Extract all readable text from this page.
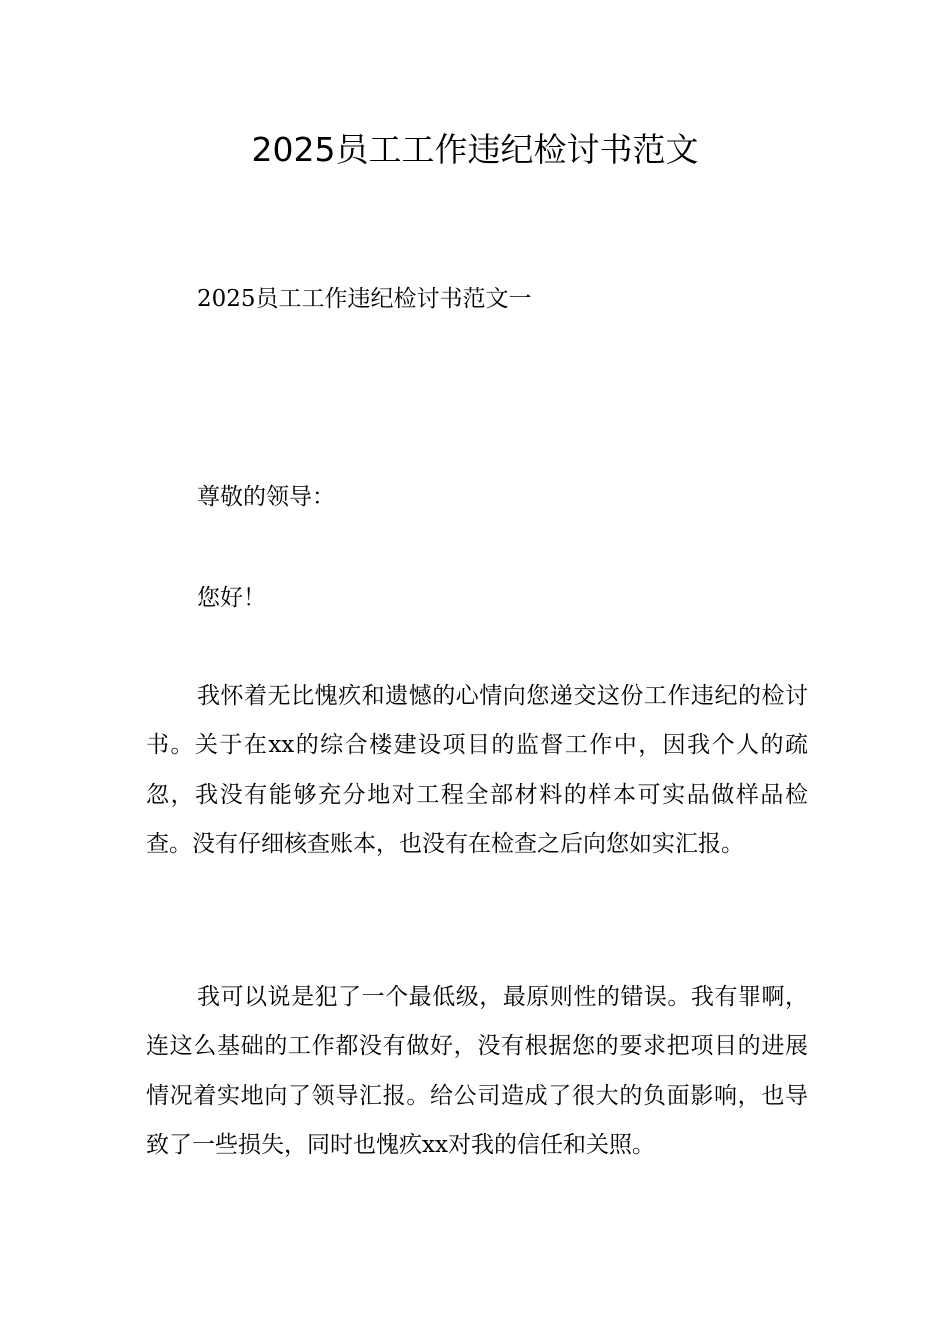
2025员工工作违纪检讨书范文

2025员工工作违纪检讨书范文一

尊敬的领导：

您好！

我怀着无比愧疚和遗憾的心情向您递交这份工作违纪的检讨书。关于在xx的综合楼建设项目的监督工作中，因我个人的疏忽，我没有能够充分地对工程全部材料的样本可实品做样品检查。没有仔细核查账本，也没有在检查之后向您如实汇报。

我可以说是犯了一个最低级，最原则性的错误。我有罪啊，连这么基础的工作都没有做好，没有根据您的要求把项目的进展情况着实地向了领导汇报。给公司造成了很大的负面影响，也导致了一些损失，同时也愧疚xx对我的信任和关照。
